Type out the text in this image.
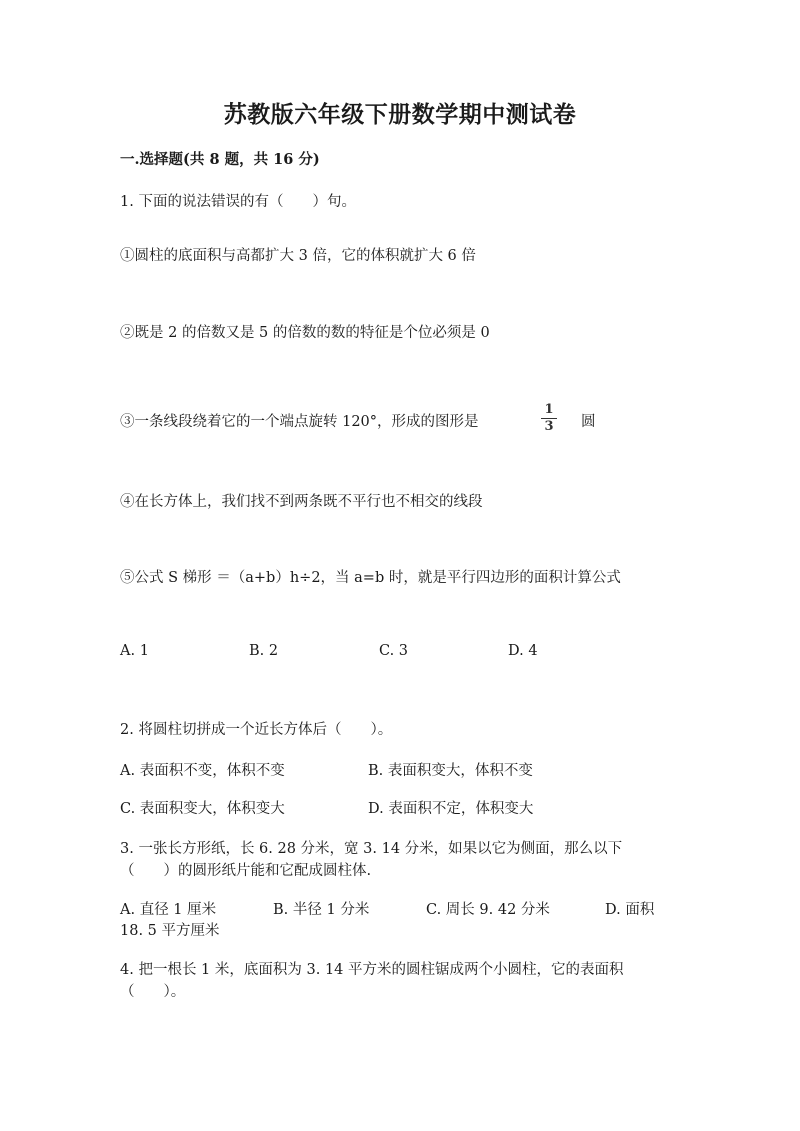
苏教版六年级下册数学期中测试卷
一.选择题(共 8 题，共 16 分)
1. 下面的说法错误的有（　　）句。
①圆柱的底面积与高都扩大 3 倍，它的体积就扩大 6 倍
②既是 2 的倍数又是 5 的倍数的数的特征是个位必须是 0
③一条线段绕着它的一个端点旋转 120°，形成的图形是
1
3	圆
④在长方体上，我们找不到两条既不平行也不相交的线段
⑤公式 S 梯形 ＝（a+b）h÷2，当 a=b 时，就是平行四边形的面积计算公式
A. 1	B. 2	C. 3	D. 4
2. 将圆柱切拼成一个近长方体后（　　）。
A. 表面积不变，体积不变	B. 表面积变大，体积不变
C. 表面积变大，体积变大	D. 表面积不定，体积变大
3. 一张长方形纸，长 6. 28 分米，宽 3. 14 分米，如果以它为侧面，那么以下
（　　）的圆形纸片能和它配成圆柱体.
A. 直径 1 厘米	B. 半径 1 分米	C. 周长 9. 42 分米	D. 面积
18. 5 平方厘米
4. 把一根长 1 米，底面积为 3. 14 平方米的圆柱锯成两个小圆柱，它的表面积
（　　）。
